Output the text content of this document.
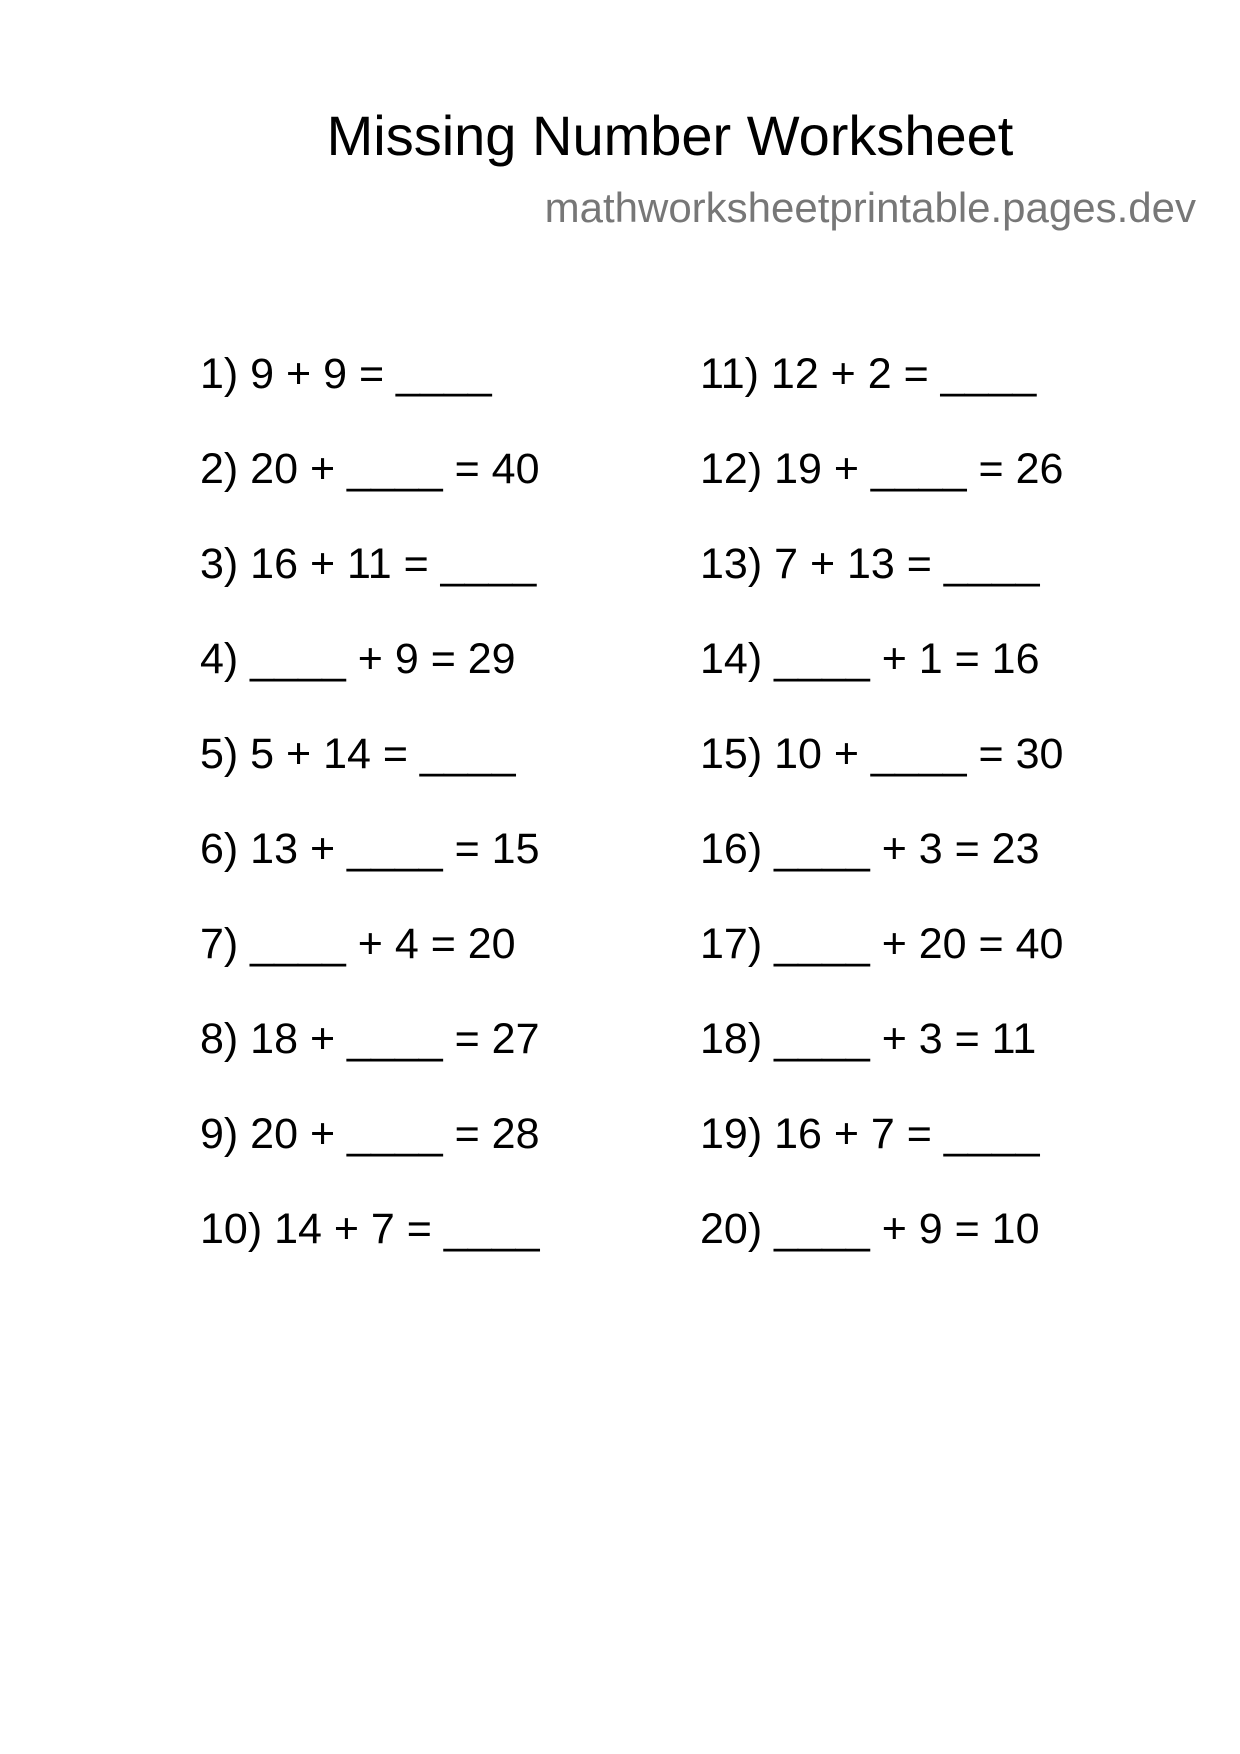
Missing Number Worksheet

mathworksheetprintable.pages.dev

1) 9 + 9 = ____

2) 20 + ____ = 40

3) 16 + 11 = ____

4) ____ + 9 = 29

5) 5 + 14 = ____

6) 13 + ____ = 15

7) ____ + 4 = 20

8) 18 + ____ = 27

9) 20 + ____ = 28

10) 14 + 7 = ____

11) 12 + 2 = ____

12) 19 + ____ = 26

13) 7 + 13 = ____

14) ____ + 1 = 16

15) 10 + ____ = 30

16) ____ + 3 = 23

17) ____ + 20 = 40

18) ____ + 3 = 11

19) 16 + 7 = ____

20) ____ + 9 = 10
